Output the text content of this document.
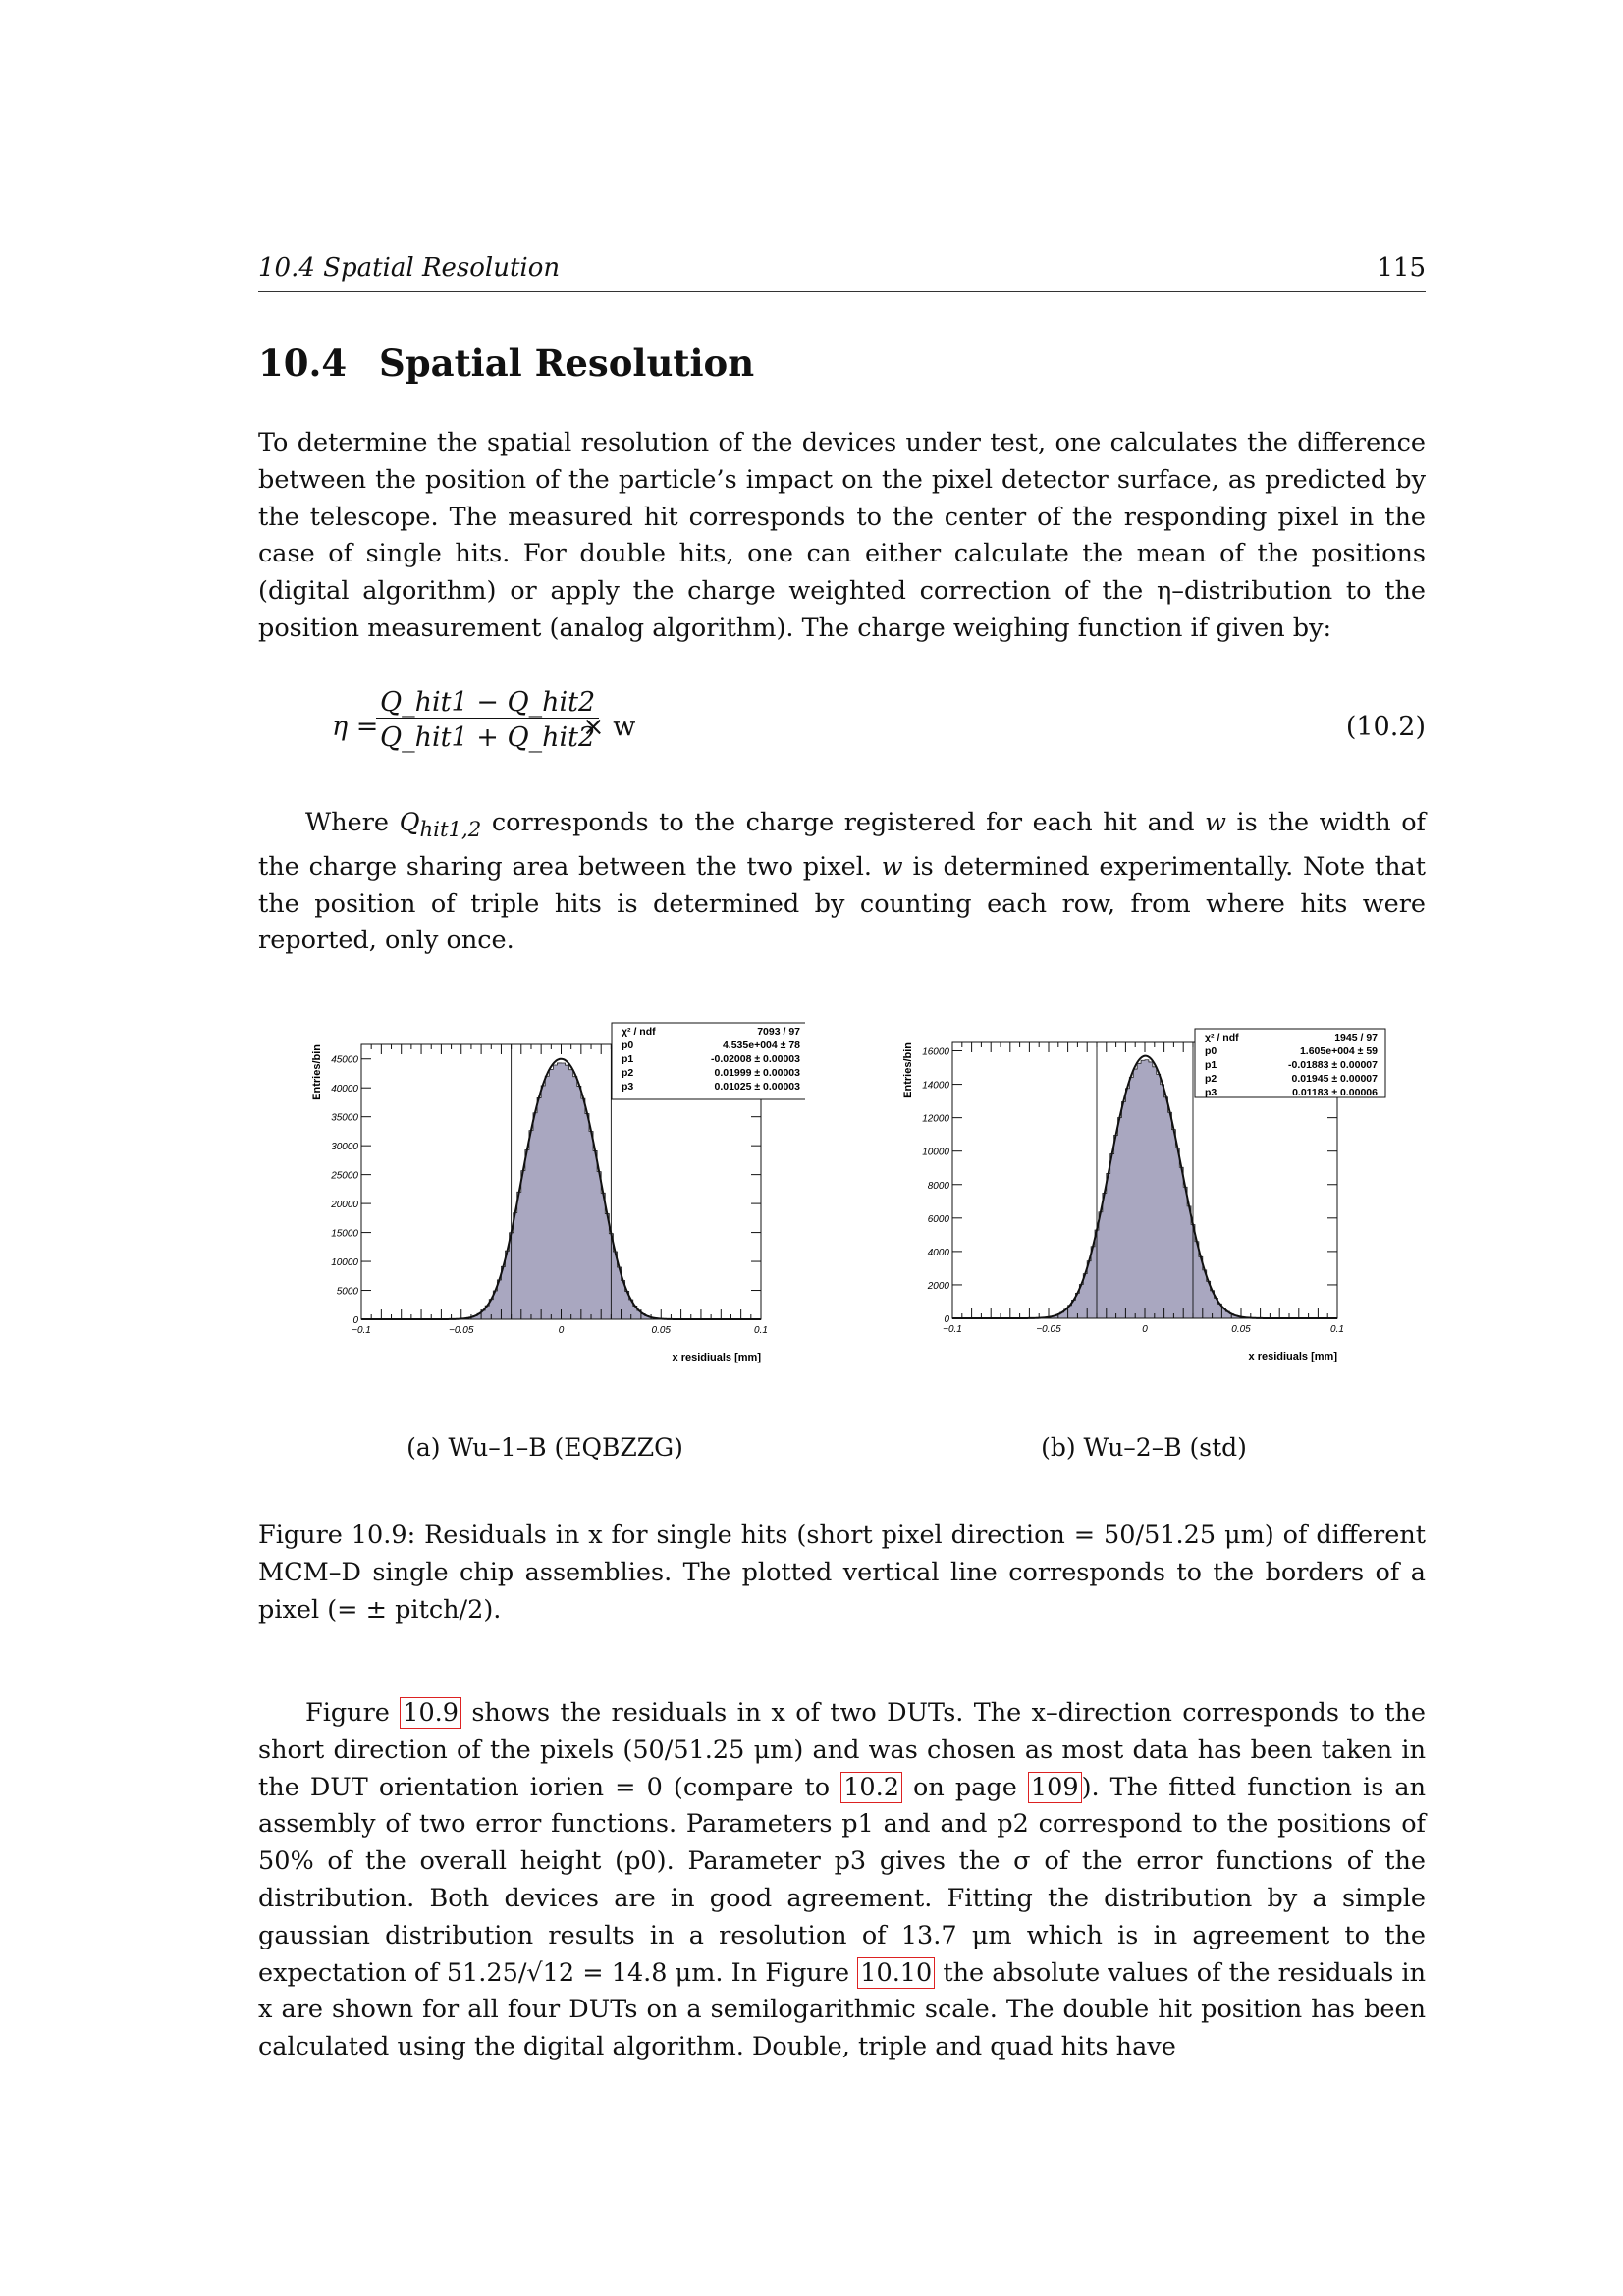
10.4 Spatial Resolution	115
10.4 Spatial Resolution
To determine the spatial resolution of the devices under test, one calculates the difference between the position of the particle’s impact on the pixel detector surface, as predicted by the telescope. The measured hit corresponds to the center of the responding pixel in the case of single hits. For double hits, one can either calculate the mean of the positions (digital algorithm) or apply the charge weighted correction of the η–distribution to the position measurement (analog algorithm). The charge weighing function if given by:
η =
Q_hit1 − Q_hit2
Q_hit1 + Q_hit2
× w	(10.2)
Where $Q_{hit1,2}$ corresponds to the charge registered for each hit and w is the width of the charge sharing area between the two pixel. w is determined experimentally. Note that the position of triple hits is determined by counting each row, from where hits were reported, only once.
0
5000
10000
15000
20000
25000
30000
35000
40000
45000
−0.1	−0.05	0	0.05	0.1
x residiuals [mm]
Entries/bin
χ² / ndf	7093 / 97
p0	4.535e+004 ± 78
p1	-0.02008 ± 0.00003
p2	0.01999 ± 0.00003
p3	0.01025 ± 0.00003
0
2000
4000
6000
8000
10000
12000
14000
16000
−0.1	−0.05	0	0.05	0.1
x residiuals [mm]
Entries/bin
χ² / ndf	1945 / 97
p0	1.605e+004 ± 59
p1	-0.01883 ± 0.00007
p2	0.01945 ± 0.00007
p3	0.01183 ± 0.00006
(a) Wu–1–B (EQBZZG)	(b) Wu–2–B (std)
Figure 10.9: Residuals in x for single hits (short pixel direction = 50/51.25 μm) of different MCM–D single chip assemblies. The plotted vertical line corresponds to the borders of a pixel (= ± pitch/2).
Figure 10.9 shows the residuals in x of two DUTs. The x–direction corresponds to the short direction of the pixels (50/51.25 μm) and was chosen as most data has been taken in the DUT orientation iorien = 0 (compare to 10.2 on page 109 ). The fitted function is an assembly of two error functions. Parameters p1 and and p2 correspond to the positions of 50% of the overall height (p0). Parameter p3 gives the σ of the error functions of the distribution. Both devices are in good agreement. Fitting the distribution by a simple gaussian distribution results in a resolution of 13.7 μm which is in agreement to the expectation of 51.25/√12 = 14.8 μm. In Figure 10.10 the absolute values of the residuals in x are shown for all four DUTs on a semilogarithmic scale. The double hit position has been calculated using the digital algorithm. Double, triple and quad hits have
